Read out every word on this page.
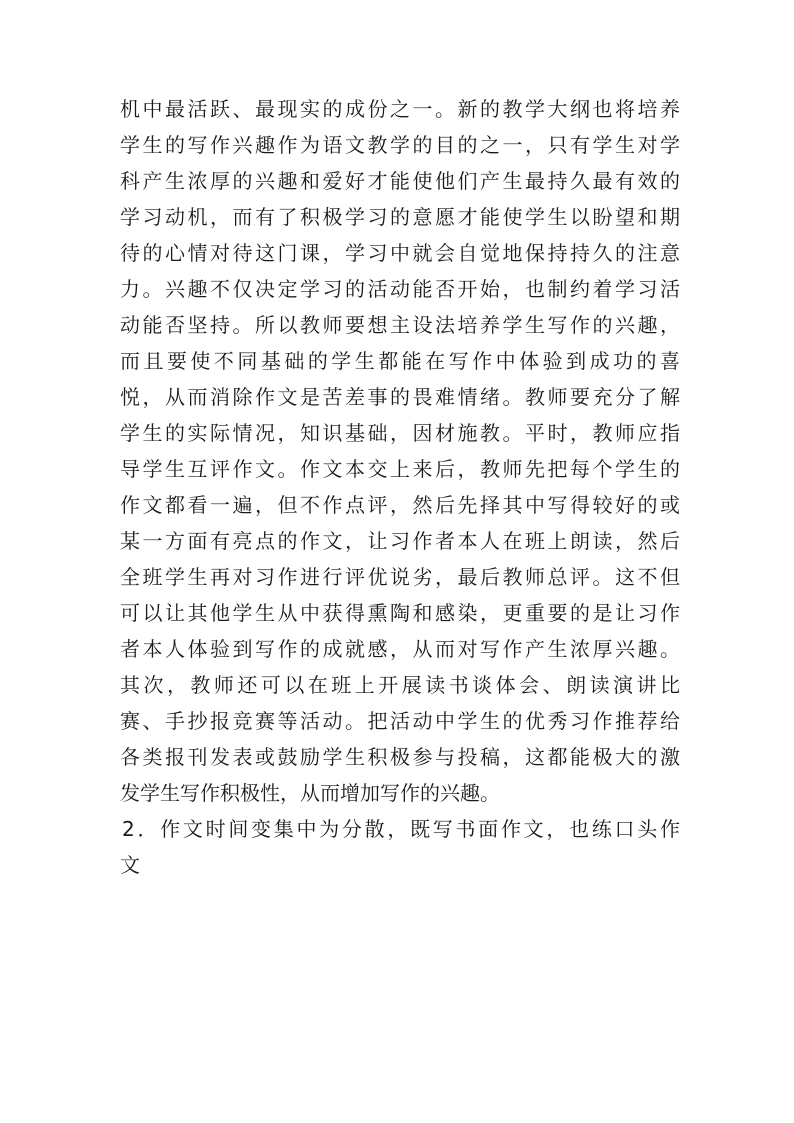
机中最活跃、最现实的成份之一。新的教学大纲也将培养
学生的写作兴趣作为语文教学的目的之一，只有学生对学
科产生浓厚的兴趣和爱好才能使他们产生最持久最有效的
学习动机，而有了积极学习的意愿才能使学生以盼望和期
待的心情对待这门课，学习中就会自觉地保持持久的注意
力。兴趣不仅决定学习的活动能否开始，也制约着学习活
动能否坚持。所以教师要想主设法培养学生写作的兴趣，
而且要使不同基础的学生都能在写作中体验到成功的喜
悦，从而消除作文是苦差事的畏难情绪。教师要充分了解
学生的实际情况，知识基础，因材施教。平时，教师应指
导学生互评作文。作文本交上来后，教师先把每个学生的
作文都看一遍，但不作点评，然后先择其中写得较好的或
某一方面有亮点的作文，让习作者本人在班上朗读，然后
全班学生再对习作进行评优说劣，最后教师总评。这不但
可以让其他学生从中获得熏陶和感染，更重要的是让习作
者本人体验到写作的成就感，从而对写作产生浓厚兴趣。
其次，教师还可以在班上开展读书谈体会、朗读演讲比
赛、手抄报竞赛等活动。把活动中学生的优秀习作推荐给
各类报刊发表或鼓励学生积极参与投稿，这都能极大的激
发学生写作积极性，从而增加写作的兴趣。
2．作文时间变集中为分散，既写书面作文，也练口头作
文
